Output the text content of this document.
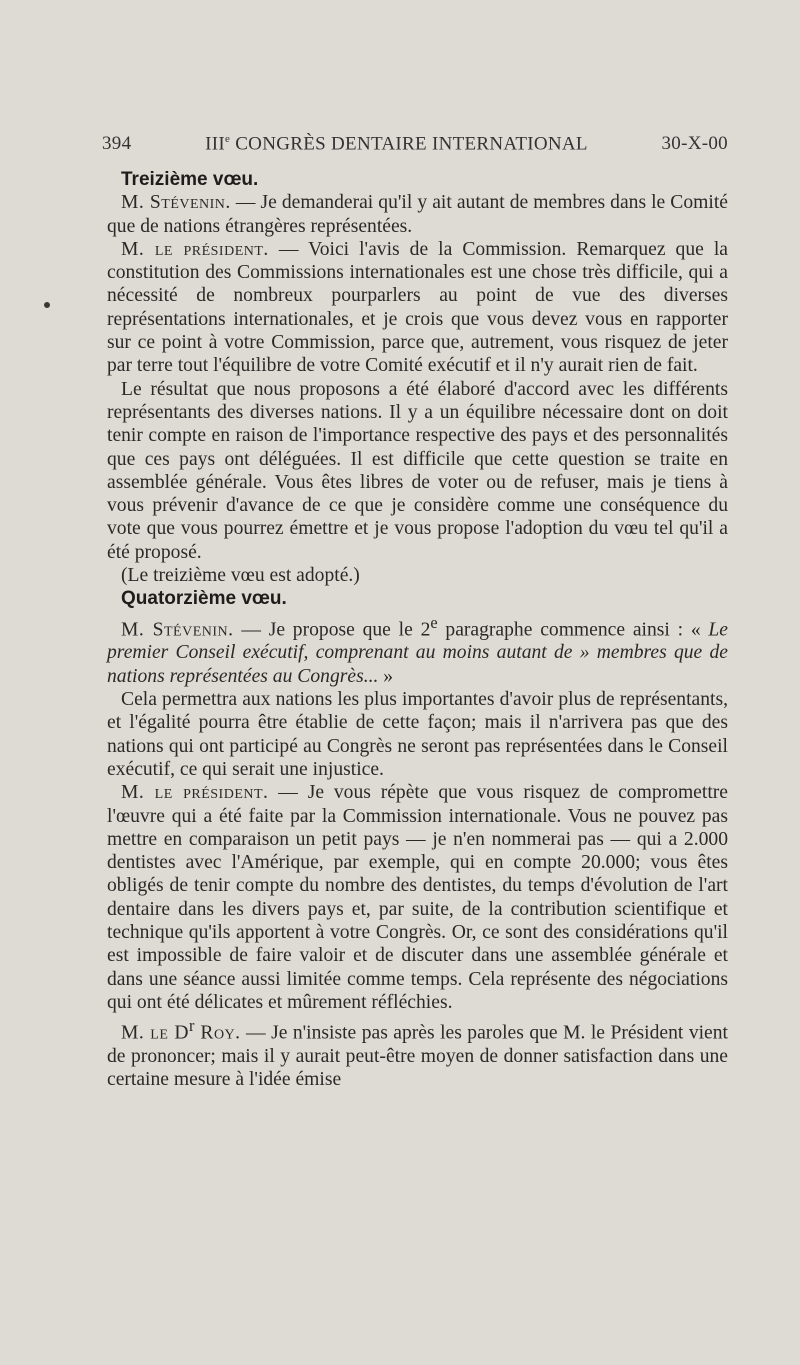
394	IIIe CONGRÈS DENTAIRE INTERNATIONAL	30-X-00

Treizième vœu.

M. Stévenin. — Je demanderai qu'il y ait autant de membres dans le Comité que de nations étrangères représentées.

M. le président. — Voici l'avis de la Commission. Remarquez que la constitution des Commissions internationales est une chose très difficile, qui a nécessité de nombreux pourparlers au point de vue des diverses représentations internationales, et je crois que vous devez vous en rapporter sur ce point à votre Commission, parce que, autrement, vous risquez de jeter par terre tout l'équilibre de votre Comité exécutif et il n'y aurait rien de fait.

Le résultat que nous proposons a été élaboré d'accord avec les différents représentants des diverses nations. Il y a un équilibre nécessaire dont on doit tenir compte en raison de l'importance respective des pays et des personnalités que ces pays ont déléguées. Il est difficile que cette question se traite en assemblée générale. Vous êtes libres de voter ou de refuser, mais je tiens à vous prévenir d'avance de ce que je considère comme une conséquence du vote que vous pourrez émettre et je vous propose l'adoption du vœu tel qu'il a été proposé.

(Le treizième vœu est adopté.)

Quatorzième vœu.

M. Stévenin. — Je propose que le 2e paragraphe commence ainsi : « Le premier Conseil exécutif, comprenant au moins autant de » membres que de nations représentées au Congrès... »

Cela permettra aux nations les plus importantes d'avoir plus de représentants, et l'égalité pourra être établie de cette façon; mais il n'arrivera pas que des nations qui ont participé au Congrès ne seront pas représentées dans le Conseil exécutif, ce qui serait une injustice.

M. le président. — Je vous répète que vous risquez de compromettre l'œuvre qui a été faite par la Commission internationale. Vous ne pouvez pas mettre en comparaison un petit pays — je n'en nommerai pas — qui a 2.000 dentistes avec l'Amérique, par exemple, qui en compte 20.000; vous êtes obligés de tenir compte du nombre des dentistes, du temps d'évolution de l'art dentaire dans les divers pays et, par suite, de la contribution scientifique et technique qu'ils apportent à votre Congrès. Or, ce sont des considérations qu'il est impossible de faire valoir et de discuter dans une assemblée générale et dans une séance aussi limitée comme temps. Cela représente des négociations qui ont été délicates et mûrement réfléchies.

M. le $D^r$ Roy. — Je n'insiste pas après les paroles que M. le Président vient de prononcer; mais il y aurait peut-être moyen de donner satisfaction dans une certaine mesure à l'idée émise
